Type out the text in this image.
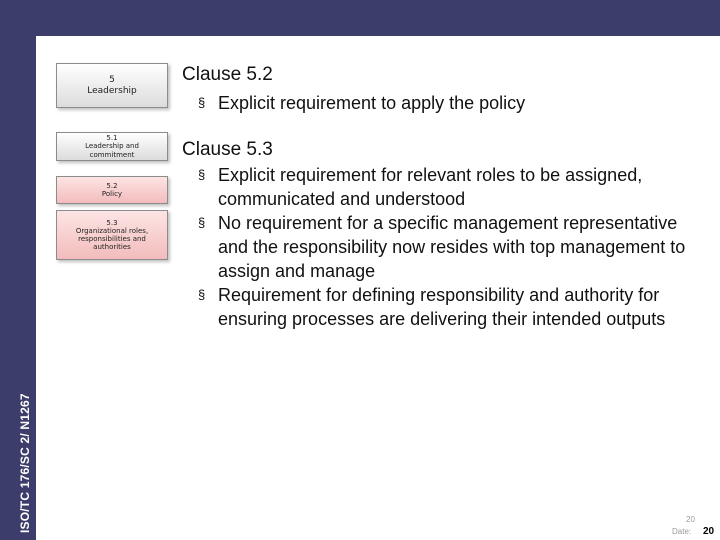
ISO/TC 176/SC 2/ N1267
5
Leadership
5.1
Leadership and
commitment
5.2
Policy
5.3
Organizational roles,
responsibilities and
authorities
Clause 5.2
§ Explicit requirement to apply the policy
Clause 5.3
§ Explicit requirement for relevant roles to be assigned, communicated and understood
§ No requirement for a specific management representative and the responsibility now resides with top management to assign and manage
§ Requirement for defining responsibility and authority for ensuring processes are delivering their intended outputs
20
Date: 20
